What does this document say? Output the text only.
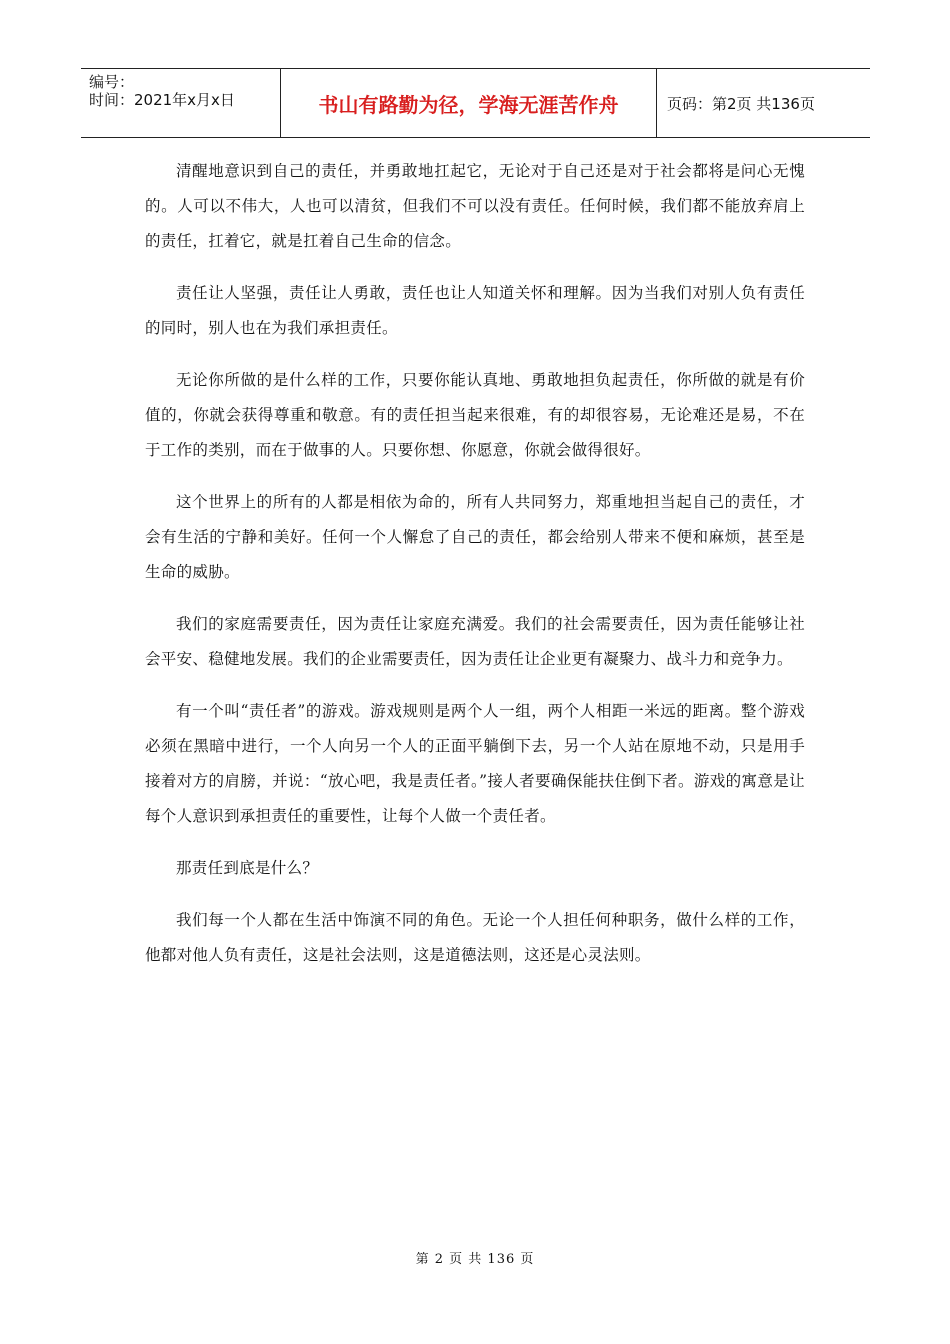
编号：
时间：2021年x月x日	书山有路勤为径，学海无涯苦作舟	页码：第2页 共136页

清醒地意识到自己的责任，并勇敢地扛起它，无论对于自己还是对于社会都将是问心无愧的。人可以不伟大，人也可以清贫，但我们不可以没有责任。任何时候，我们都不能放弃肩上的责任，扛着它，就是扛着自己生命的信念。

责任让人坚强，责任让人勇敢，责任也让人知道关怀和理解。因为当我们对别人负有责任的同时，别人也在为我们承担责任。

无论你所做的是什么样的工作，只要你能认真地、勇敢地担负起责任，你所做的就是有价值的，你就会获得尊重和敬意。有的责任担当起来很难，有的却很容易，无论难还是易，不在于工作的类别，而在于做事的人。只要你想、你愿意，你就会做得很好。

这个世界上的所有的人都是相依为命的，所有人共同努力，郑重地担当起自己的责任，才会有生活的宁静和美好。任何一个人懈怠了自己的责任，都会给别人带来不便和麻烦，甚至是生命的威胁。

我们的家庭需要责任，因为责任让家庭充满爱。我们的社会需要责任，因为责任能够让社会平安、稳健地发展。我们的企业需要责任，因为责任让企业更有凝聚力、战斗力和竞争力。

有一个叫“责任者”的游戏。游戏规则是两个人一组，两个人相距一米远的距离。整个游戏必须在黑暗中进行，一个人向另一个人的正面平躺倒下去，另一个人站在原地不动，只是用手接着对方的肩膀，并说：“放心吧，我是责任者。”接人者要确保能扶住倒下者。游戏的寓意是让每个人意识到承担责任的重要性，让每个人做一个责任者。

那责任到底是什么？

我们每一个人都在生活中饰演不同的角色。无论一个人担任何种职务，做什么样的工作，他都对他人负有责任，这是社会法则，这是道德法则，这还是心灵法则。

第 2 页 共 136 页
